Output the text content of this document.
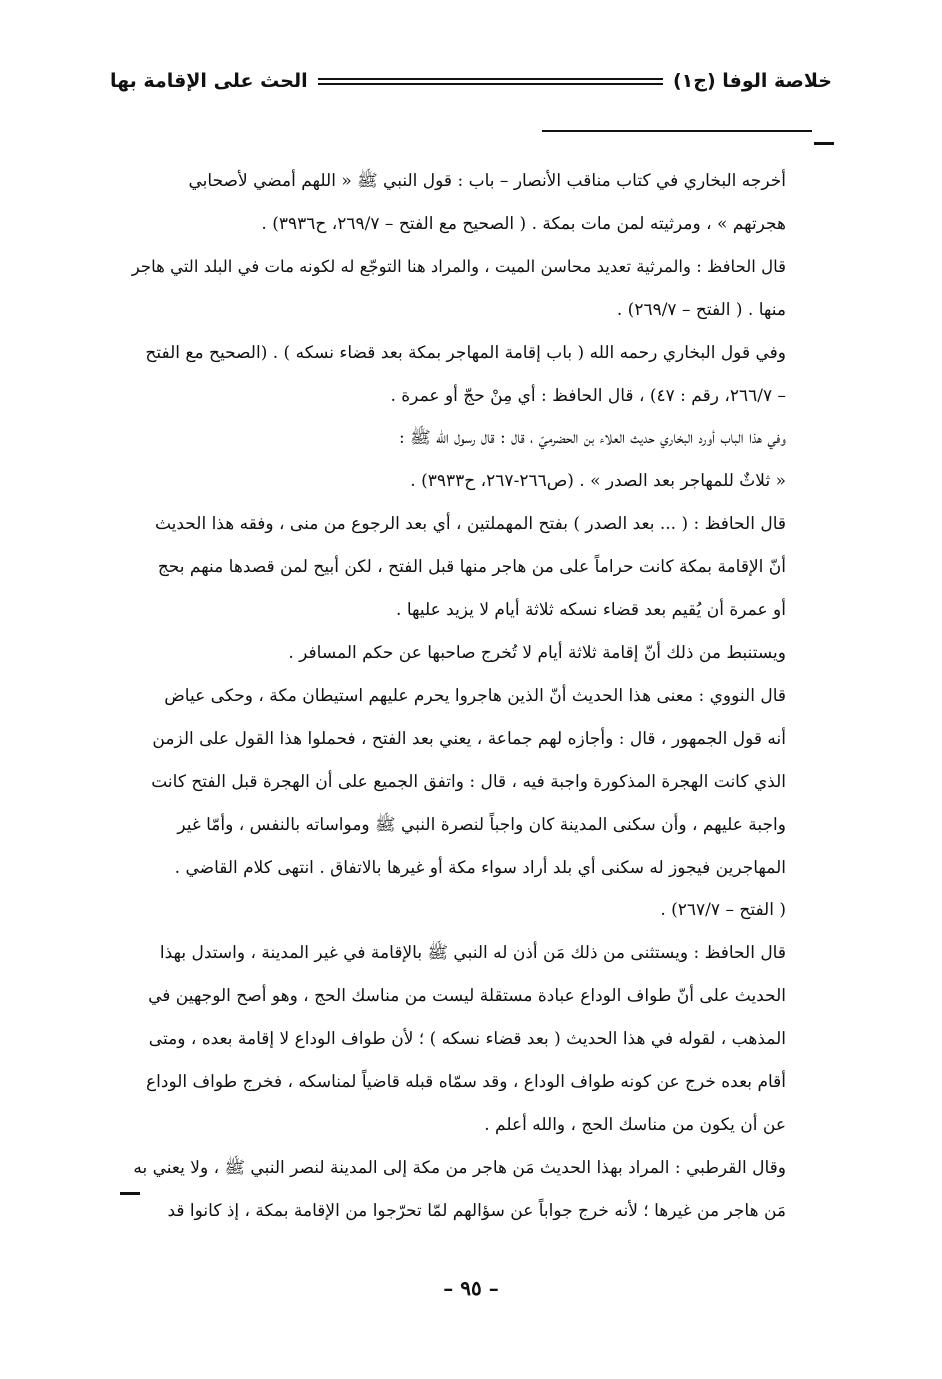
خلاصة الوفا (ج١)
الحث على الإقامة بها
أخرجه البخاري في كتاب مناقب الأنصار – باب : قول النبي ﷺ « اللهم أمضي لأصحابي
هجرتهم » ، ومرثيته لمن مات بمكة . ( الصحيح مع الفتح – ٢٦٩/٧، ح٣٩٣٦) .
قال الحافظ : والمرثية تعديد محاسن الميت ، والمراد هنا التوجّع له لكونه مات في البلد التي هاجر
منها . ( الفتح – ٢٦٩/٧) .
وفي قول البخاري رحمه الله ( باب إقامة المهاجر بمكة بعد قضاء نسكه ) . (الصحيح مع الفتح
– ٢٦٦/٧، رقم : ٤٧) ، قال الحافظ : أي مِنْ حجّ أو عمرة .
وفي هذا الباب أورد البخاري حديث العلاء بن الحضرميّ ، قال : قال رسول الله ﷺ :
« ثلاثٌ للمهاجر بعد الصدر » . (ص٢٦٦-٢٦٧، ح٣٩٣٣) .
قال الحافظ : ( ... بعد الصدر ) بفتح المهملتين ، أي بعد الرجوع من منى ، وفقه هذا الحديث
أنّ الإقامة بمكة كانت حراماً على من هاجر منها قبل الفتح ، لكن أبيح لمن قصدها منهم بحج
أو عمرة أن يُقيم بعد قضاء نسكه ثلاثة أيام لا يزيد عليها .
ويستنبط من ذلك أنّ إقامة ثلاثة أيام لا تُخرج صاحبها عن حكم المسافر .
قال النووي : معنى هذا الحديث أنّ الذين هاجروا يحرم عليهم استيطان مكة ، وحكى عياض
أنه قول الجمهور ، قال : وأجازه لهم جماعة ، يعني بعد الفتح ، فحملوا هذا القول على الزمن
الذي كانت الهجرة المذكورة واجبة فيه ، قال : واتفق الجميع على أن الهجرة قبل الفتح كانت
واجبة عليهم ، وأن سكنى المدينة كان واجباً لنصرة النبي ﷺ ومواساته بالنفس ، وأمّا غير
المهاجرين فيجوز له سكنى أي بلد أراد سواء مكة أو غيرها بالاتفاق . انتهى كلام القاضي .
( الفتح – ٢٦٧/٧) .
قال الحافظ : ويستثنى من ذلك مَن أذن له النبي ﷺ بالإقامة في غير المدينة ، واستدل بهذا
الحديث على أنّ طواف الوداع عبادة مستقلة ليست من مناسك الحج ، وهو أصح الوجهين في
المذهب ، لقوله في هذا الحديث ( بعد قضاء نسكه ) ؛ لأن طواف الوداع لا إقامة بعده ، ومتى
أقام بعده خرج عن كونه طواف الوداع ، وقد سمّاه قبله قاضياً لمناسكه ، فخرج طواف الوداع
عن أن يكون من مناسك الحج ، والله أعلم .
وقال القرطبي : المراد بهذا الحديث مَن هاجر من مكة إلى المدينة لنصر النبي ﷺ ، ولا يعني به
مَن هاجر من غيرها ؛ لأنه خرج جواباً عن سؤالهم لمّا تحرّجوا من الإقامة بمكة ، إذ كانوا قد
– ٩٥ –
